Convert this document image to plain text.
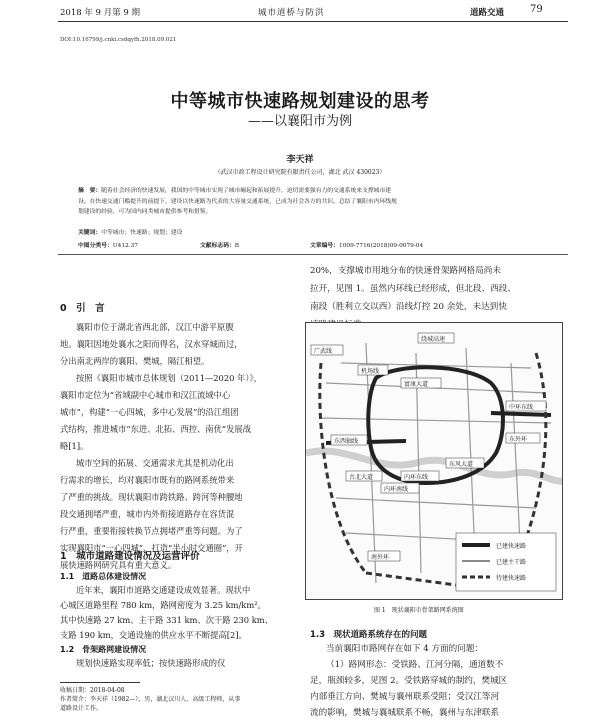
2018 年 9 月第 9 期	城市道桥与防洪	道路交通	79
DOI:10.16799/j.cnki.csdqyfh.2018.09.021
中等城市快速路规划建设的思考
——以襄阳市为例
李天祥
（武汉市政工程设计研究院有限责任公司，湖北 武汉 430023）
摘　要：随着社会经济的快速发展，我国的中等城市实现了城市崛起和拓展提升，迫切需要强有力的交通系统来支撑城市建
设。在快速交通门槛提升的前提下，建设以快速路为代表的大容量交通系统，已成为社会各方的共识。总结了襄阳市内环线规
划建设的经验，可为国内同类城市提供参考和借鉴。
关键词：中等城市；快速路；规划；建设
中图分类号：U412.37	文献标志码：B	文章编号：1009-7716(2018)09-0079-04
0　引　言
襄阳市位于湖北省西北部，汉江中游平原腹
地。襄阳因地处襄水之阳而得名，汉水穿城而过，
分出南北两岸的襄阳、樊城，隔江相望。
按照《襄阳市城市总体规划（2011—2020 年）》，
襄阳市定位为“省域副中心城市和汉江流域中心
城市”，构建“一心四城，多中心发展”的沿江组团
式结构，推进城市“东进、北拓、西控、南优”发展战
略[1]。
城市空间的拓展、交通需求尤其是机动化出
行需求的增长，均对襄阳市既有的路网系统带来
了严重的挑战。现状襄阳市跨铁路、跨河等种腰地
段交通拥堵严重，城市内外衔接道路存在容货混
行严重，重要衔接转换节点拥堵严重等问题。为了
实现襄阳市“一心四城”、打造“半小时交通圈”，开
展快速路网研究具有重大意义。
1　城市道路建设情况及运营评价
1.1　道路总体建设情况
近年来，襄阳市道路交通建设成效显著。现状中
心城区道路里程 780 km，路网密度为 3.25 km/km²。
其中快速路 27 km、主干路 331 km、次干路 230 km、
支路 190 km，交通设施的供应水平不断提高[2]。
1.2　骨架路网建设情况
规划快速路实现率低；按快速路形成的仅
收稿日期：2018-04-08
作者简介：李天祥（1982—），男，湖北汉川人，高级工程师，从事
道路设计工作。
20%，支撑城市用地分布的快速骨架路网格局尚未
拉开，见图 1。虽然内环线已经形成，但北段、西段、
南段（胜利立交以西）沿线灯控 20 余处，未达到快
绕城高速
广武线
机场线
富康大道
中环东线
东西轴线	东外环
东风大道
古北大道	内环东线
内环南线
南外环
已建快速路
已建主干路
待建快速路
图 1　现状襄阳市骨架路网系统图
1.3　现状道路系统存在的问题
当前襄阳市路网存在如下 4 方面的问题：
（1）路网形态：受铁路、江河分隔，通道数不
足，瓶颈较多，见图 2。受铁路穿城的制约，樊城区
内部垂江方向、樊城与襄州联系受阻；受汉江等河
流的影响，樊城与襄城联系不畅，襄州与东津联系
